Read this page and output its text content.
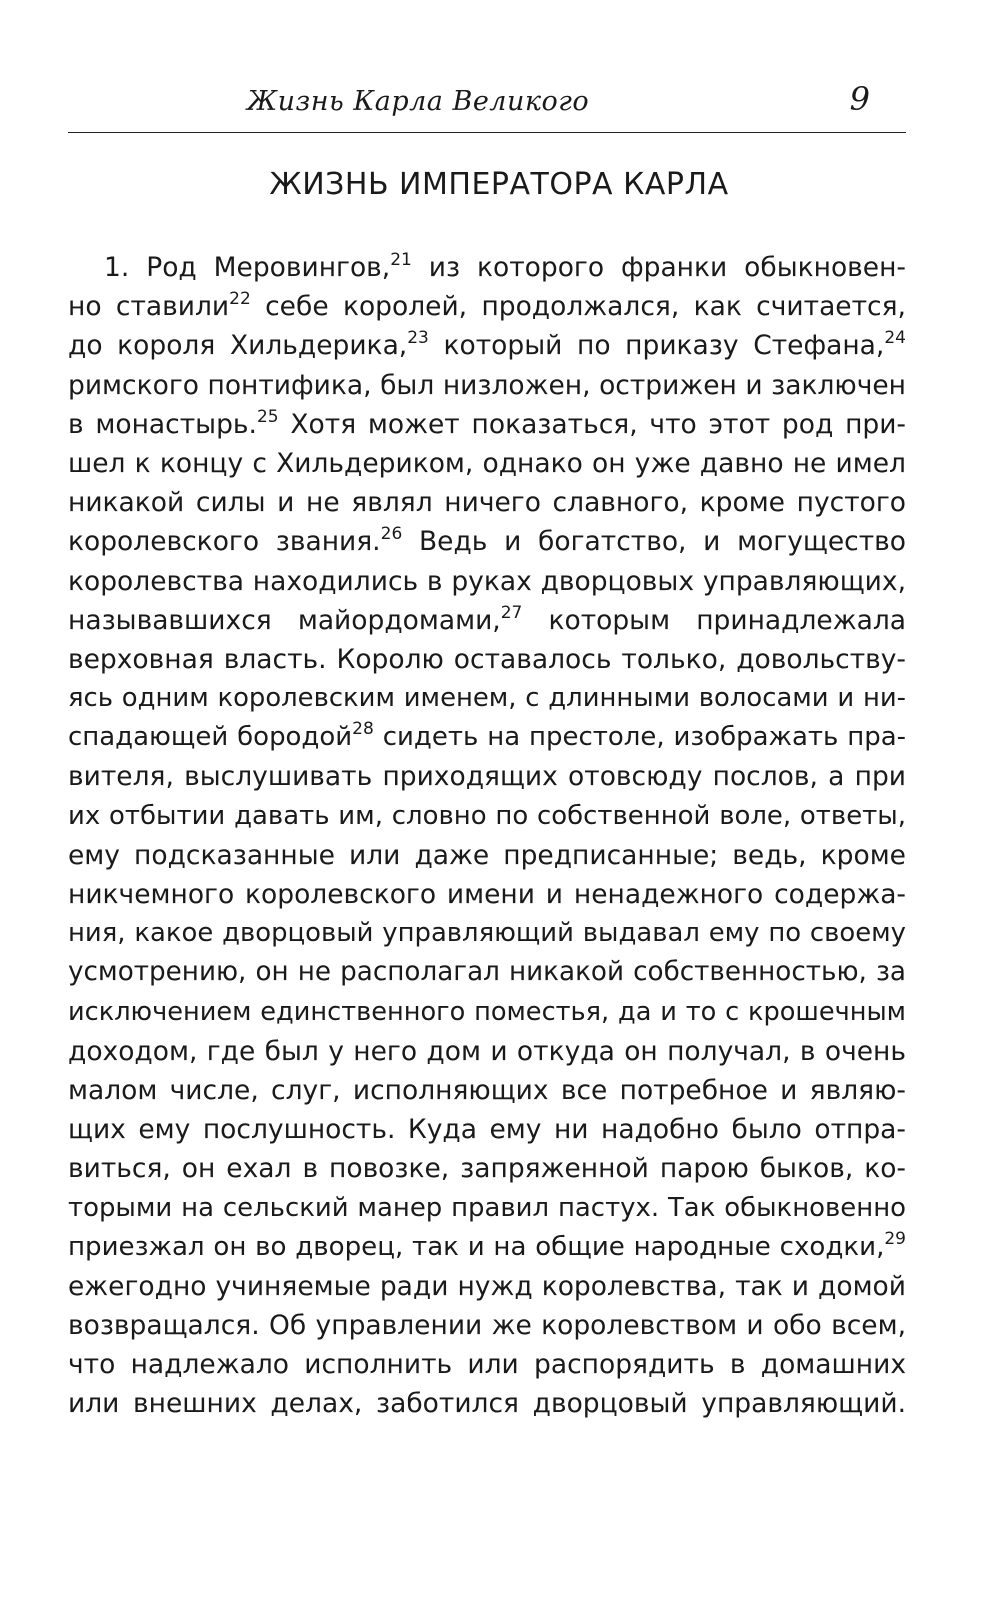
Жизнь Карла Великого	9
ЖИЗНЬ ИМПЕРАТОРА КАРЛА
1. Род Меровингов,$^{21}$ из которого франки обыкновен-
но ставили$^{22}$ себе королей, продолжался, как считается,
до короля Хильдерика,$^{23}$ который по приказу Стефана,$^{24}$
римского понтифика, был низложен, острижен и заключен
в монастырь.$^{25}$ Хотя может показаться, что этот род при-
шел к концу с Хильдериком, однако он уже давно не имел
никакой силы и не являл ничего славного, кроме пустого
королевского звания.$^{26}$ Ведь и богатство, и могущество
королевства находились в руках дворцовых управляющих,
называвшихся майордомами,$^{27}$ которым принадлежала
верховная власть. Королю оставалось только, довольству-
ясь одним королевским именем, с длинными волосами и ни-
спадающей бородой$^{28}$ сидеть на престоле, изображать пра-
вителя, выслушивать приходящих отовсюду послов, а при
их отбытии давать им, словно по собственной воле, ответы,
ему подсказанные или даже предписанные; ведь, кроме
никчемного королевского имени и ненадежного содержа-
ния, какое дворцовый управляющий выдавал ему по своему
усмотрению, он не располагал никакой собственностью, за
исключением единственного поместья, да и то с крошечным
доходом, где был у него дом и откуда он получал, в очень
малом числе, слуг, исполняющих все потребное и являю-
щих ему послушность. Куда ему ни надобно было отпра-
виться, он ехал в повозке, запряженной парою быков, ко-
торыми на сельский манер правил пастух. Так обыкновенно
приезжал он во дворец, так и на общие народные сходки,$^{29}$
ежегодно учиняемые ради нужд королевства, так и домой
возвращался. Об управлении же королевством и обо всем,
что надлежало исполнить или распорядить в домашних
или внешних делах, заботился дворцовый управляющий.
